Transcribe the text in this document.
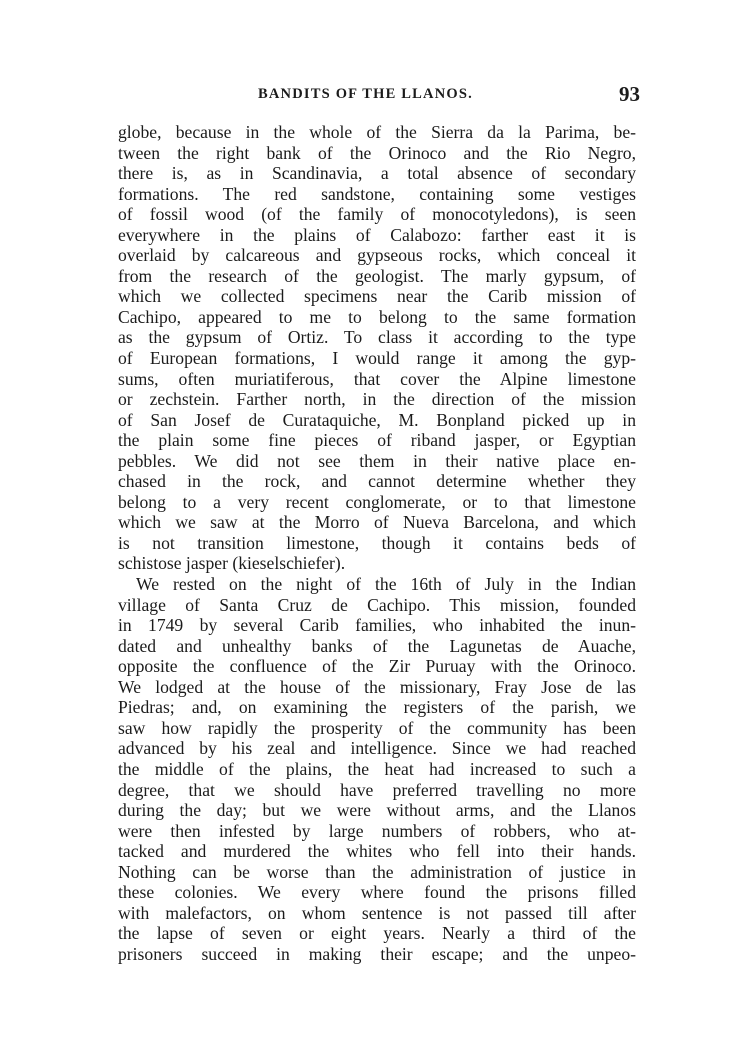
BANDITS OF THE LLANOS.	93
globe, because in the whole of the Sierra da la Parima, be-
tween the right bank of the Orinoco and the Rio Negro,
there is, as in Scandinavia, a total absence of secondary
formations. The red sandstone, containing some vestiges
of fossil wood (of the family of monocotyledons), is seen
everywhere in the plains of Calabozo: farther east it is
overlaid by calcareous and gypseous rocks, which conceal it
from the research of the geologist. The marly gypsum, of
which we collected specimens near the Carib mission of
Cachipo, appeared to me to belong to the same formation
as the gypsum of Ortiz. To class it according to the type
of European formations, I would range it among the gyp-
sums, often muriatiferous, that cover the Alpine limestone
or zechstein. Farther north, in the direction of the mission
of San Josef de Curataquiche, M. Bonpland picked up in
the plain some fine pieces of riband jasper, or Egyptian
pebbles. We did not see them in their native place en-
chased in the rock, and cannot determine whether they
belong to a very recent conglomerate, or to that limestone
which we saw at the Morro of Nueva Barcelona, and which
is not transition limestone, though it contains beds of
schistose jasper (kieselschiefer).
We rested on the night of the 16th of July in the Indian
village of Santa Cruz de Cachipo. This mission, founded
in 1749 by several Carib families, who inhabited the inun-
dated and unhealthy banks of the Lagunetas de Auache,
opposite the confluence of the Zir Puruay with the Orinoco.
We lodged at the house of the missionary, Fray Jose de las
Piedras; and, on examining the registers of the parish, we
saw how rapidly the prosperity of the community has been
advanced by his zeal and intelligence. Since we had reached
the middle of the plains, the heat had increased to such a
degree, that we should have preferred travelling no more
during the day; but we were without arms, and the Llanos
were then infested by large numbers of robbers, who at-
tacked and murdered the whites who fell into their hands.
Nothing can be worse than the administration of justice in
these colonies. We every where found the prisons filled
with malefactors, on whom sentence is not passed till after
the lapse of seven or eight years. Nearly a third of the
prisoners succeed in making their escape; and the unpeo-
